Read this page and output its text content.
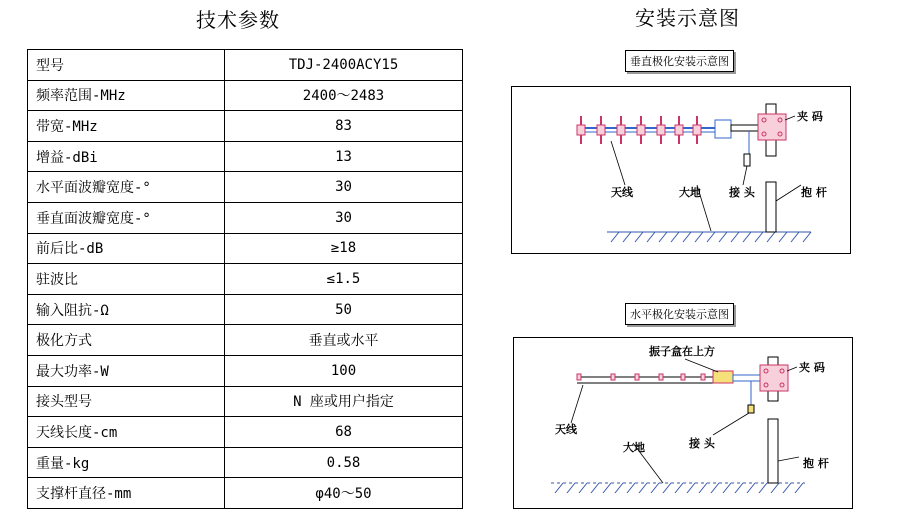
技术参数	安装示意图
型号	TDJ-2400ACY15
频率范围-MHz	2400～2483
带宽-MHz	83
增益-dBi	13
水平面波瓣宽度-°	30
垂直面波瓣宽度-°	30
前后比-dB	≥18
驻波比	≤1.5
输入阻抗-Ω	50
极化方式	垂直或水平
最大功率-W	100
接头型号	N 座或用户指定
天线长度-cm	68
重量-kg	0.58
支撑杆直径-mm	φ40～50
垂直极化安装示意图
水平极化安装示意图
夹 码
天线	大地	接 头	抱 杆
振子盒在上方
夹 码
天线
大地	接 头
抱 杆
